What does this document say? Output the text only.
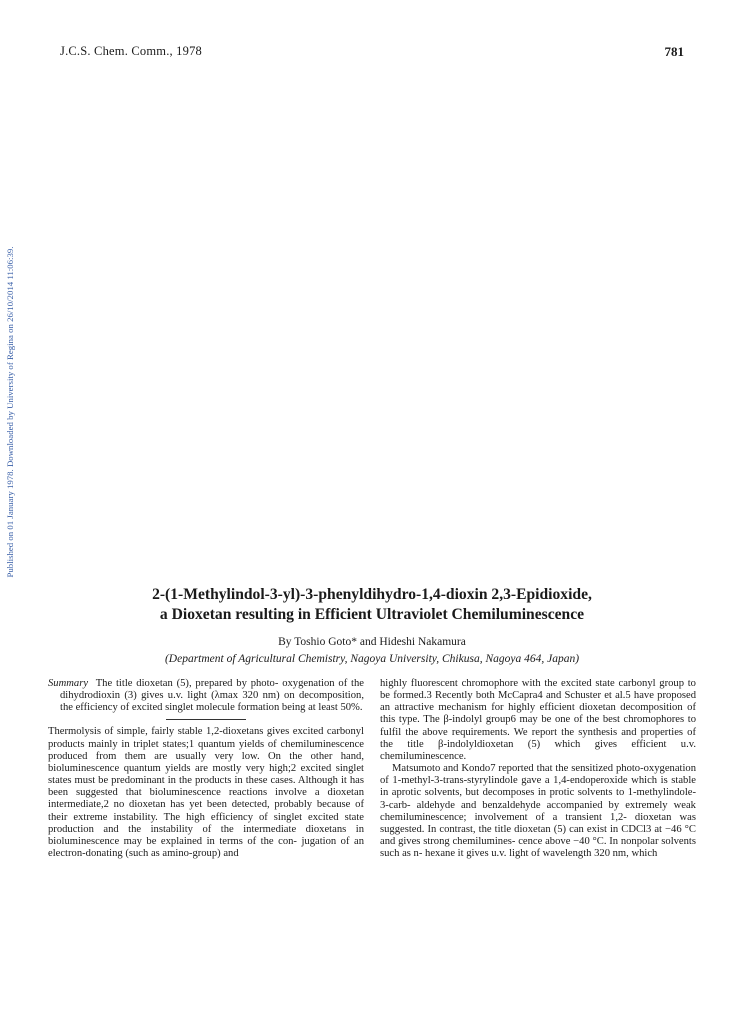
J.C.S. Chem. Comm., 1978	781
Published on 01 January 1978. Downloaded by University of Regina on 26/10/2014 11:06:39.
2-(1-Methylindol-3-yl)-3-phenyldihydro-1,4-dioxin 2,3-Epidioxide,
a Dioxetan resulting in Efficient Ultraviolet Chemiluminescence
By Toshio Goto* and Hideshi Nakamura
(Department of Agricultural Chemistry, Nagoya University, Chikusa, Nagoya 464, Japan)

Summary The title dioxetan (5), prepared by photo- oxygenation of the dihydrodioxin (3) gives u.v. light (λmax 320 nm) on decomposition, the efficiency of excited singlet molecule formation being at least 50%.

Thermolysis of simple, fairly stable 1,2-dioxetans gives excited carbonyl products mainly in triplet states;1 quantum yields of chemiluminescence produced from them are usually very low. On the other hand, bioluminescence quantum yields are mostly very high;2 excited singlet states must be predominant in the products in these cases. Although it has been suggested that bioluminescence reactions involve a dioxetan intermediate,2 no dioxetan has yet been detected, probably because of their extreme instability. The high efficiency of singlet excited state production and the instability of the intermediate dioxetans in bioluminescence may be explained in terms of the con- jugation of an electron-donating (such as amino-group) and

highly fluorescent chromophore with the excited state carbonyl group to be formed.3 Recently both McCapra4 and Schuster et al.5 have proposed an attractive mechanism for highly efficient dioxetan decomposition of this type. The β-indolyl group6 may be one of the best chromophores to fulfil the above requirements. We report the synthesis and properties of the title β-indolyldioxetan (5) which gives efficient u.v. chemiluminescence.

Matsumoto and Kondo7 reported that the sensitized photo-oxygenation of 1-methyl-3-trans-styrylindole gave a 1,4-endoperoxide which is stable in aprotic solvents, but decomposes in protic solvents to 1-methylindole-3-carb- aldehyde and benzaldehyde accompanied by extremely weak chemiluminescence; involvement of a transient 1,2- dioxetan was suggested. In contrast, the title dioxetan (5) can exist in CDCl3 at −46 °C and gives strong chemilumines- cence above −40 °C. In nonpolar solvents such as n- hexane it gives u.v. light of wavelength 320 nm, which
